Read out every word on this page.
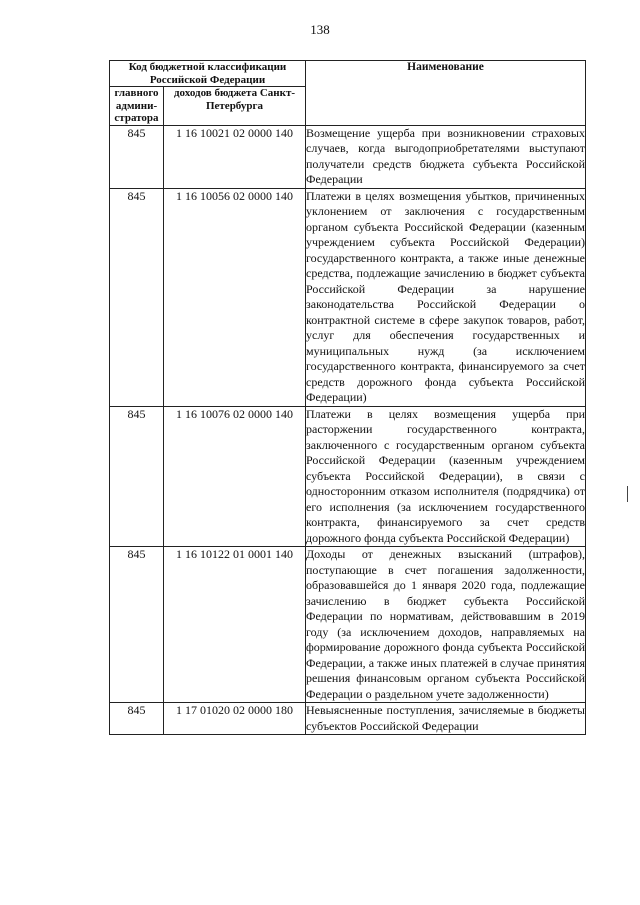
138
Код бюджетной классификации Российской Федерации		Наименование
главного админи-стратора	доходов бюджета Санкт-Петербурга	
845	1 16 10021 02 0000 140	Возмещение ущерба при возникновении страховых случаев, когда выгодоприобретателями выступают получатели средств бюджета субъекта Российской Федерации
845	1 16 10056 02 0000 140	Платежи в целях возмещения убытков, причиненных уклонением от заключения с государственным органом субъекта Российской Федерации (казенным учреждением субъекта Российской Федерации) государственного контракта, а также иные денежные средства, подлежащие зачислению в бюджет субъекта Российской Федерации за нарушение законодательства Российской Федерации о контрактной системе в сфере закупок товаров, работ, услуг для обеспечения государственных и муниципальных нужд (за исключением государственного контракта, финансируемого за счет средств дорожного фонда субъекта Российской Федерации)
845	1 16 10076 02 0000 140	Платежи в целях возмещения ущерба при расторжении государственного контракта, заключенного с государственным органом субъекта Российской Федерации (казенным учреждением субъекта Российской Федерации), в связи с односторонним отказом исполнителя (подрядчика) от его исполнения (за исключением государственного контракта, финансируемого за счет средств дорожного фонда субъекта Российской Федерации)
845	1 16 10122 01 0001 140	Доходы от денежных взысканий (штрафов), поступающие в счет погашения задолженности, образовавшейся до 1 января 2020 года, подлежащие зачислению в бюджет субъекта Российской Федерации по нормативам, действовавшим в 2019 году (за исключением доходов, направляемых на формирование дорожного фонда субъекта Российской Федерации, а также иных платежей в случае принятия решения финансовым органом субъекта Российской Федерации о раздельном учете задолженности)
845	1 17 01020 02 0000 180	Невыясненные поступления, зачисляемые в бюджеты субъектов Российской Федерации
